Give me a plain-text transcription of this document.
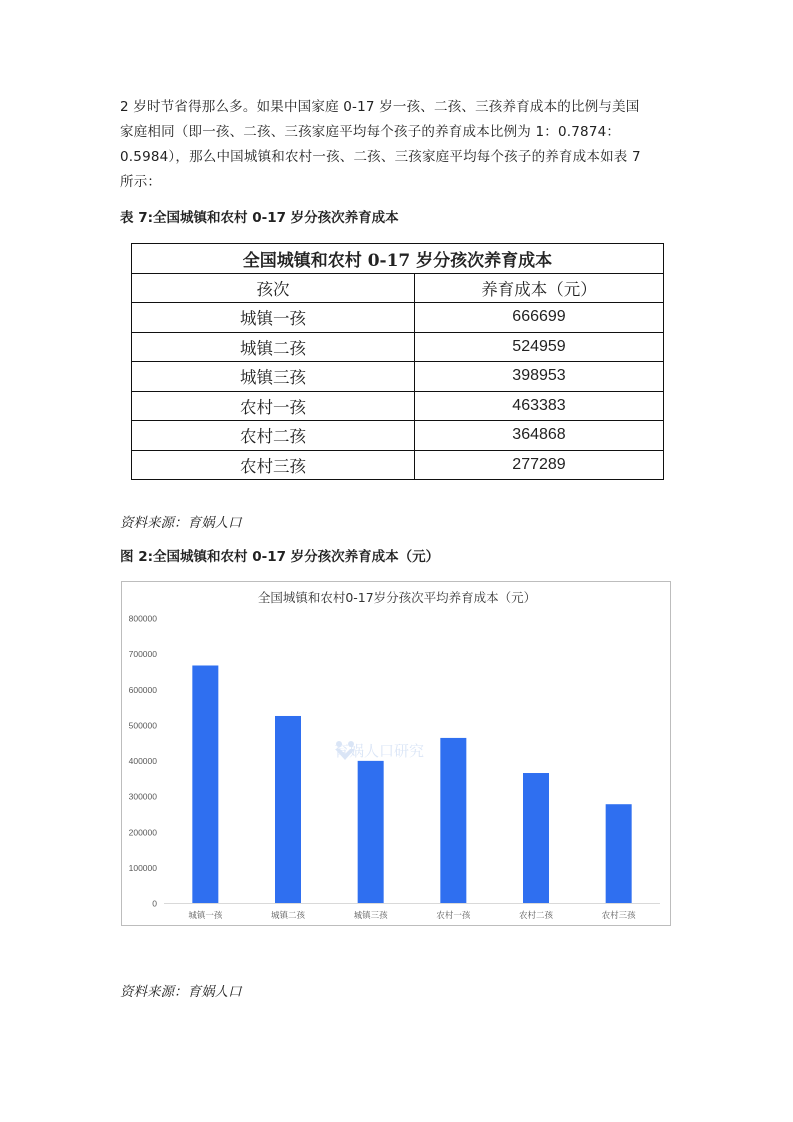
2 岁时节省得那么多。如果中国家庭 0-17 岁一孩、二孩、三孩养育成本的比例与美国
家庭相同（即一孩、二孩、三孩家庭平均每个孩子的养育成本比例为 1：0.7874：
0.5984），那么中国城镇和农村一孩、二孩、三孩家庭平均每个孩子的养育成本如表 7
所示：
表 7:全国城镇和农村 0-17 岁分孩次养育成本
全国城镇和农村 0-17 岁分孩次养育成本	
孩次	养育成本（元）
城镇一孩	666699
城镇二孩	524959
城镇三孩	398953
农村一孩	463383
农村二孩	364868
农村三孩	277289
资料来源：育娲人口
图 2:全国城镇和农村 0-17 岁分孩次养育成本（元）
育娲人口研究
全国城镇和农村0-17岁分孩次平均养育成本（元）
0
100000
200000
300000
400000
500000
600000
700000
800000
城镇一孩	城镇二孩	城镇三孩	农村一孩	农村二孩	农村三孩
资料来源：育娲人口
